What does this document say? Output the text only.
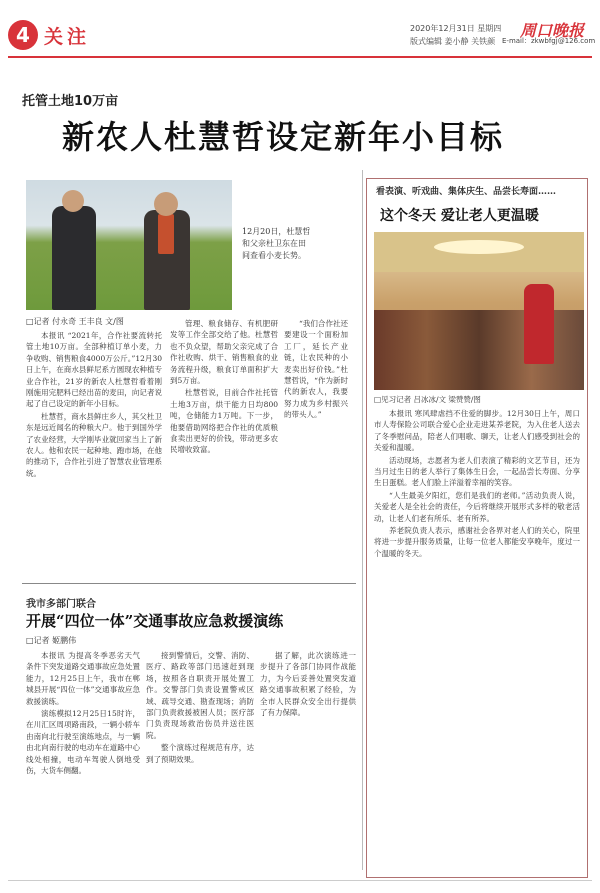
4 关注	2020年12月31日 星期四
版式编辑 姜小静 关铁颜
周口晚报
E-mail：zkwbfgj@126.com
托管土地10万亩
新农人杜慧哲设定新年小目标
12月20日，杜慧哲和父亲杜卫东在田间查看小麦长势。
□记者 付永奇 王丰良 文/图

本报讯 “2021年，合作社要流转托管土地10万亩。全部种植订单小麦，力争收购、销售粮食4000万公斤。”12月30日上午，在商水县鲜尼系方圆现农种植专业合作社，21岁的新农人杜慧哲看着刚刚施用完肥料已经出苗的麦田，向记者说起了自己设定的新年小目标。

杜慧哲，商水县鲜庄乡人，其父杜卫东是远近闻名的种粮大户。他于到国外学了农业经营，大学刚毕业就回家当上了新农人。他和农民一起种地、跑市场，在他的推动下，合作社引进了智慧农业管理系统。

管理、粮食储存、有机肥研发等工作全部交给了他。杜慧哲也不负众望，帮助父亲完成了合作社收购、烘干、销售粮食的业务流程升级，粮食订单面积扩大到5万亩。

杜慧哲说，目前合作社托管土地3万亩，烘干能力日均800吨，仓储能力1万吨。下一步，他要借助网络把合作社的优质粮食卖出更好的价钱，带动更多农民增收致富。

“我们合作社还要建设一个面粉加工厂，延长产业链，让农民种的小麦卖出好价钱。”杜慧哲说，“作为新时代的新农人，我要努力成为乡村振兴的带头人。”

我市多部门联合
开展“四位一体”交通事故应急救援演练
□记者 姬鹏伟

本报讯 为提高冬季恶劣天气条件下突发道路交通事故应急处置能力，12月25日上午，我市在郸城县开展“四位一体”交通事故应急救援演练。

演练模拟12月25日15时许，在川汇区周项路南段，一辆小轿车由南向北行驶至演练地点，与一辆由北向南行驶的电动车在道路中心线处相撞，电动车驾驶人倒地受伤，大货车侧翻。

接到警情后，交警、消防、医疗、路政等部门迅速赶到现场，按照各自职责开展处置工作。交警部门负责设置警戒区域、疏导交通、勘查现场；消防部门负责救援被困人员；医疗部门负责现场救治伤员并送往医院。

整个演练过程规范有序，达到了预期效果。

据了解，此次演练进一步提升了各部门协同作战能力，为今后妥善处置突发道路交通事故积累了经验，为全市人民群众安全出行提供了有力保障。

看表演、听戏曲、集体庆生、品尝长寿面……
这个冬天 爱让老人更温暖
□见习记者 吕冰冰/文 梁赞赞/图

本报讯 寒风肆虐挡不住爱的脚步。12月30日上午，周口市人寿保险公司联合爱心企业走进某养老院，为入住老人送去了冬季慰问品，陪老人们唱歌、聊天，让老人们感受到社会的关爱和温暖。

活动现场，志愿者为老人们表演了精彩的文艺节目，还为当月过生日的老人举行了集体生日会，一起品尝长寿面、分享生日蛋糕。老人们脸上洋溢着幸福的笑容。

“人生最美夕阳红，您们是我们的老师。”活动负责人说，关爱老人是全社会的责任，今后将继续开展形式多样的敬老活动，让老人们老有所乐、老有所养。

养老院负责人表示，感谢社会各界对老人们的关心，院里将进一步提升服务质量，让每一位老人都能安享晚年，度过一个温暖的冬天。
